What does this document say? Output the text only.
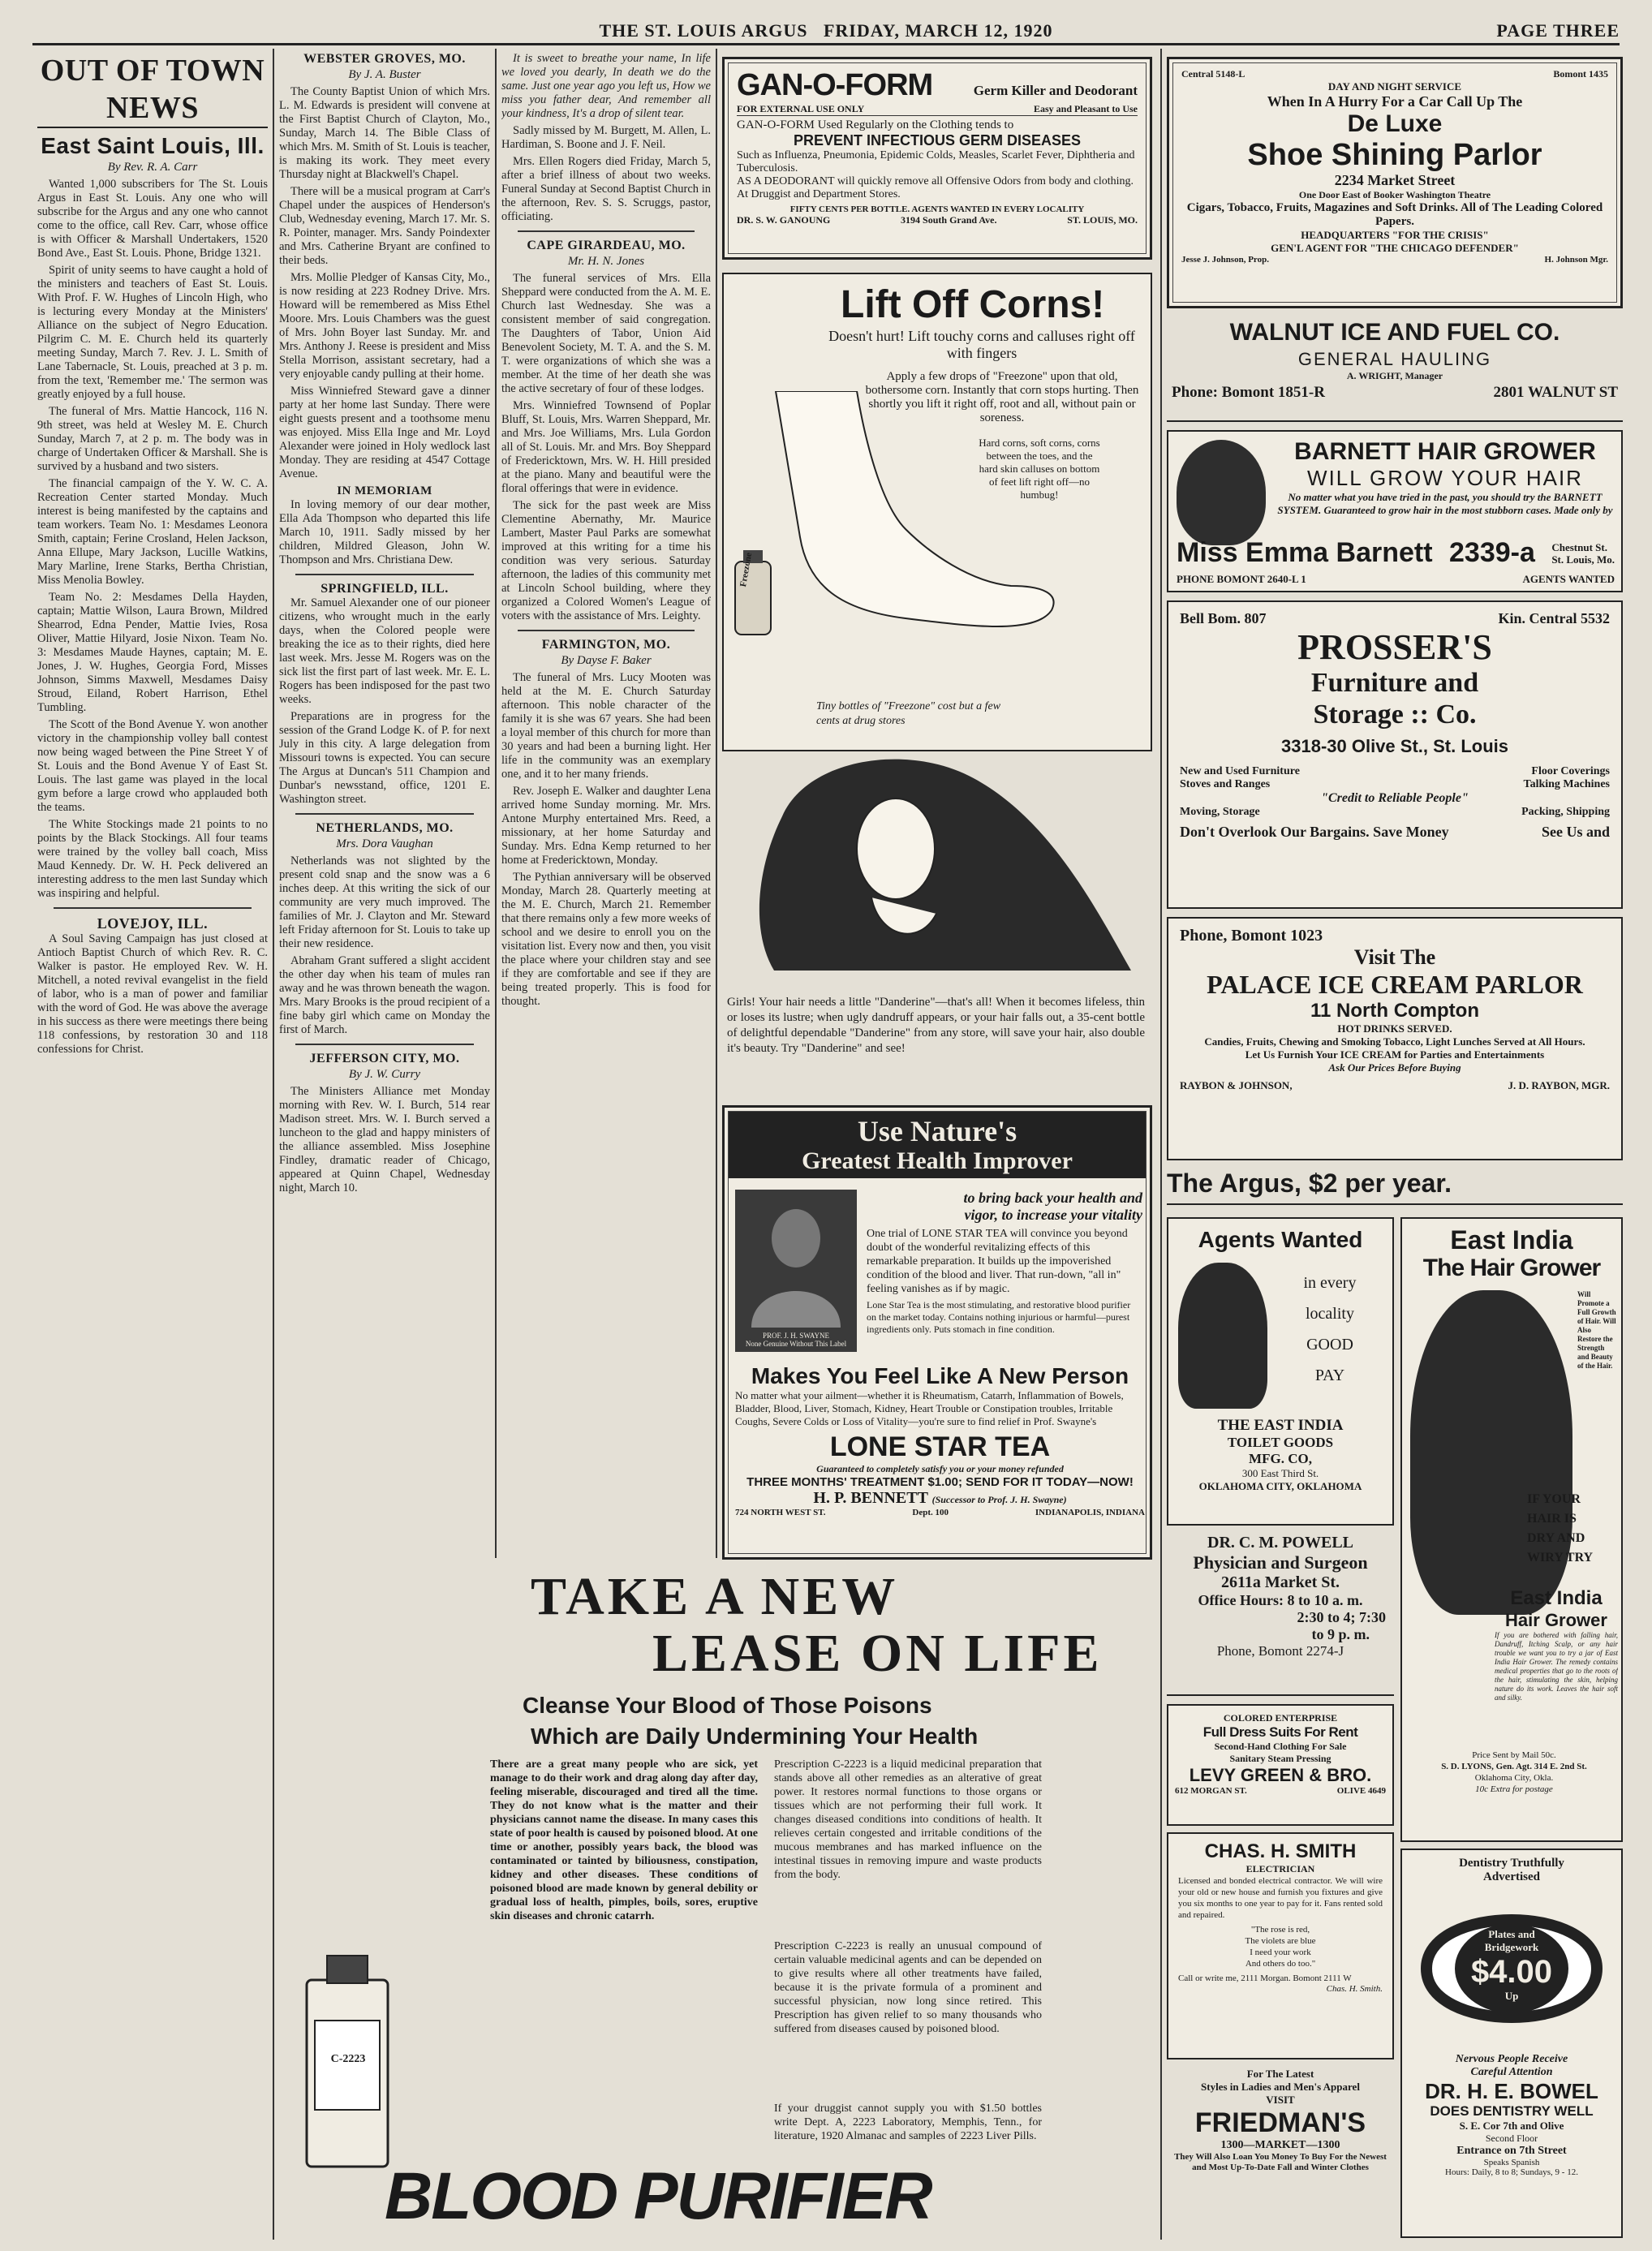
THE ST. LOUIS ARGUS FRIDAY, MARCH 12, 1920	PAGE THREE
OUT OF TOWN NEWS
East Saint Louis, Ill.
By Rev. R. A. Carr

Wanted 1,000 subscribers for The St. Louis Argus in East St. Louis. Any one who will subscribe for the Argus and any one who cannot come to the office, call Rev. Carr, whose office is with Officer & Marshall Undertakers, 1520 Bond Ave., East St. Louis. Phone, Bridge 1321.

Spirit of unity seems to have caught a hold of the ministers and teachers of East St. Louis. With Prof. F. W. Hughes of Lincoln High, who is lecturing every Monday at the Ministers' Alliance on the subject of Negro Education. Pilgrim C. M. E. Church held its quarterly meeting Sunday, March 7. Rev. J. L. Smith of Lane Tabernacle, St. Louis, preached at 3 p. m. from the text, 'Remember me.' The sermon was greatly enjoyed by a full house.

The funeral of Mrs. Mattie Hancock, 116 N. 9th street, was held at Wesley M. E. Church Sunday, March 7, at 2 p. m. The body was in charge of Undertaken Officer & Marshall. She is survived by a husband and two sisters.

The financial campaign of the Y. W. C. A. Recreation Center started Monday. Much interest is being manifested by the captains and team workers. Team No. 1: Mesdames Leonora Smith, captain; Ferine Crosland, Helen Jackson, Anna Ellupe, Mary Jackson, Lucille Watkins, Mary Marline, Irene Starks, Bertha Christian, Miss Menolia Bowley.

Team No. 2: Mesdames Della Hayden, captain; Mattie Wilson, Laura Brown, Mildred Shearrod, Edna Pender, Mattie Ivies, Rosa Oliver, Mattie Hilyard, Josie Nixon. Team No. 3: Mesdames Maude Haynes, captain; M. E. Jones, J. W. Hughes, Georgia Ford, Misses Johnson, Simms Maxwell, Mesdames Daisy Stroud, Eiland, Robert Harrison, Ethel Tumbling.

The Scott of the Bond Avenue Y. won another victory in the championship volley ball contest now being waged between the Pine Street Y of St. Louis and the Bond Avenue Y of East St. Louis. The last game was played in the local gym before a large crowd who applauded both the teams.

The White Stockings made 21 points to no points by the Black Stockings. All four teams were trained by the volley ball coach, Miss Maud Kennedy. Dr. W. H. Peck delivered an interesting address to the men last Sunday which was inspiring and helpful.

LOVEJOY, ILL.

A Soul Saving Campaign has just closed at Antioch Baptist Church of which Rev. R. C. Walker is pastor. He employed Rev. W. H. Mitchell, a noted revival evangelist in the field of labor, who is a man of power and familiar with the word of God. He was above the average in his success as there were meetings there being 118 confessions, by restoration 30 and 118 confessions for Christ.

WEBSTER GROVES, MO.
By J. A. Buster

The County Baptist Union of which Mrs. L. M. Edwards is president will convene at the First Baptist Church of Clayton, Mo., Sunday, March 14. The Bible Class of which Mrs. M. Smith of St. Louis is teacher, is making its work. They meet every Thursday night at Blackwell's Chapel.

There will be a musical program at Carr's Chapel under the auspices of Henderson's Club, Wednesday evening, March 17. Mr. S. R. Pointer, manager. Mrs. Sandy Poindexter and Mrs. Catherine Bryant are confined to their beds.

Mrs. Mollie Pledger of Kansas City, Mo., is now residing at 223 Rodney Drive. Mrs. Howard will be remembered as Miss Ethel Moore. Mrs. Louis Chambers was the guest of Mrs. John Boyer last Sunday. Mr. and Mrs. Anthony J. Reese is president and Miss Stella Morrison, assistant secretary, had a very enjoyable candy pulling at their home.

Miss Winniefred Steward gave a dinner party at her home last Sunday. There were eight guests present and a toothsome menu was enjoyed. Miss Ella Inge and Mr. Loyd Alexander were joined in Holy wedlock last Monday. They are residing at 4547 Cottage Avenue.

IN MEMORIAM

In loving memory of our dear mother, Ella Ada Thompson who departed this life March 10, 1911. Sadly missed by her children, Mildred Gleason, John W. Thompson and Mrs. Christiana Dew.

SPRINGFIELD, ILL.

Mr. Samuel Alexander one of our pioneer citizens, who wrought much in the early days, when the Colored people were breaking the ice as to their rights, died here last week. Mrs. Jesse M. Rogers was on the sick list the first part of last week. Mr. E. L. Rogers has been indisposed for the past two weeks.

Preparations are in progress for the session of the Grand Lodge K. of P. for next July in this city. A large delegation from Missouri towns is expected. You can secure The Argus at Duncan's 511 Champion and Dunbar's newsstand, office, 1201 E. Washington street.

NETHERLANDS, MO.
Mrs. Dora Vaughan

Netherlands was not slighted by the present cold snap and the snow was a 6 inches deep. At this writing the sick of our community are very much improved. The families of Mr. J. Clayton and Mr. Steward left Friday afternoon for St. Louis to take up their new residence.

Abraham Grant suffered a slight accident the other day when his team of mules ran away and he was thrown beneath the wagon. Mrs. Mary Brooks is the proud recipient of a fine baby girl which came on Monday the first of March.

JEFFERSON CITY, MO.
By J. W. Curry

The Ministers Alliance met Monday morning with Rev. W. I. Burch, 514 rear Madison street. Mrs. W. I. Burch served a luncheon to the glad and happy ministers of the alliance assembled. Miss Josephine Findley, dramatic reader of Chicago, appeared at Quinn Chapel, Wednesday night, March 10.

It is sweet to breathe your name, In life we loved you dearly, In death we do the same. Just one year ago you left us, How we miss you father dear, And remember all your kindness, It's a drop of silent tear.

Sadly missed by M. Burgett, M. Allen, L. Hardiman, S. Boone and J. F. Neil.

Mrs. Ellen Rogers died Friday, March 5, after a brief illness of about two weeks. Funeral Sunday at Second Baptist Church in the afternoon, Rev. S. S. Scruggs, pastor, officiating.

CAPE GIRARDEAU, MO.
Mr. H. N. Jones

The funeral services of Mrs. Ella Sheppard were conducted from the A. M. E. Church last Wednesday. She was a consistent member of said congregation. The Daughters of Tabor, Union Aid Benevolent Society, M. T. A. and the S. M. T. were organizations of which she was a member. At the time of her death she was the active secretary of four of these lodges.

Mrs. Winniefred Townsend of Poplar Bluff, St. Louis, Mrs. Warren Sheppard, Mr. and Mrs. Joe Williams, Mrs. Lula Gordon all of St. Louis. Mr. and Mrs. Boy Sheppard of Fredericktown, Mrs. W. H. Hill presided at the piano. Many and beautiful were the floral offerings that were in evidence.

The sick for the past week are Miss Clementine Abernathy, Mr. Maurice Lambert, Master Paul Parks are somewhat improved at this writing for a time his condition was very serious. Saturday afternoon, the ladies of this community met at Lincoln School building, where they organized a Colored Women's League of voters with the assistance of Mrs. Leighty.

FARMINGTON, MO.
By Dayse F. Baker

The funeral of Mrs. Lucy Mooten was held at the M. E. Church Saturday afternoon. This noble character of the family it is she was 67 years. She had been a loyal member of this church for more than 30 years and had been a burning light. Her life in the community was an exemplary one, and it to her many friends.

Rev. Joseph E. Walker and daughter Lena arrived home Sunday morning. Mr. Mrs. Antone Murphy entertained Mrs. Reed, a missionary, at her home Saturday and Sunday. Mrs. Edna Kemp returned to her home at Fredericktown, Monday.

The Pythian anniversary will be observed Monday, March 28. Quarterly meeting at the M. E. Church, March 21. Remember that there remains only a few more weeks of school and we desire to enroll you on the visitation list. Every now and then, you visit the place where your children stay and see if they are comfortable and see if they are being treated properly. This is food for thought.

GAN-O-FORM	Germ Killer and Deodorant
FOR EXTERNAL USE ONLY	Easy and Pleasant to Use
GAN-O-FORM Used Regularly on the Clothing tends to
PREVENT INFECTIOUS GERM DISEASES
Such as Influenza, Pneumonia, Epidemic Colds, Measles, Scarlet Fever, Diphtheria and Tuberculosis.
AS A DEODORANT will quickly remove all Offensive Odors from body and clothing. At Druggist and Department Stores.
FIFTY CENTS PER BOTTLE. AGENTS WANTED IN EVERY LOCALITY
DR. S. W. GANOUNG	3194 South Grand Ave.	ST. LOUIS, MO.
Lift Off Corns!
Doesn't hurt! Lift touchy corns and calluses right off with fingers
Apply a few drops of "Freezone" upon that old, bothersome corn. Instantly that corn stops hurting. Then shortly you lift it right off, root and all, without pain or soreness.
Hard corns, soft corns, corns between the toes, and the hard skin calluses on bottom of feet lift right off—no humbug!
Freezone
Tiny bottles of "Freezone" cost but a few cents at drug stores
Girls! Your hair needs a little "Danderine"—that's all! When it becomes lifeless, thin or loses its lustre; when ugly dandruff appears, or your hair falls out, a 35-cent bottle of delightful dependable "Danderine" from any store, will save your hair, also double it's beauty. Try "Danderine" and see!
Use Nature's
Greatest Health Improver
PROF. J. H. SWAYNE
None Genuine Without This Label
to bring back your health and
vigor, to increase your vitality
One trial of LONE STAR TEA will convince you beyond doubt of the wonderful revitalizing effects of this remarkable preparation. It builds up the impoverished condition of the blood and liver. That run-down, "all in" feeling vanishes as if by magic.
Lone Star Tea is the most stimulating, and restorative blood purifier on the market today. Contains nothing injurious or harmful—purest ingredients only. Puts stomach in fine condition.
Makes You Feel Like A New Person
No matter what your ailment—whether it is Rheumatism, Catarrh, Inflammation of Bowels, Bladder, Blood, Liver, Stomach, Kidney, Heart Trouble or Constipation troubles, Irritable Coughs, Severe Colds or Loss of Vitality—you're sure to find relief in Prof. Swayne's
LONE STAR TEA
Guaranteed to completely satisfy you or your money refunded
THREE MONTHS' TREATMENT $1.00; SEND FOR IT TODAY—NOW!
H. P. BENNETT (Successor to Prof. J. H. Swayne)
724 NORTH WEST ST.	Dept. 100	INDIANAPOLIS, INDIANA
TAKE A NEW
LEASE ON LIFE
Cleanse Your Blood of Those Poisons
Which are Daily Undermining Your Health
There are a great many people who are sick, yet manage to do their work and drag along day after day, feeling miserable, discouraged and tired all the time. They do not know what is the matter and their physicians cannot name the disease. In many cases this state of poor health is caused by poisoned blood. At one time or another, possibly years back, the blood was contaminated or tainted by biliousness, constipation, kidney and other diseases. These conditions of poisoned blood are made known by general debility or gradual loss of health, pimples, boils, sores, eruptive skin diseases and chronic catarrh.
Prescription C-2223 is a liquid medicinal preparation that stands above all other remedies as an alterative of great power. It restores normal functions to those organs or tissues which are not performing their full work. It changes diseased conditions into conditions of health. It relieves certain congested and irritable conditions of the mucous membranes and has marked influence on the intestinal tissues in removing impure and waste products from the body.
Prescription C-2223 is really an unusual compound of certain valuable medicinal agents and can be depended on to give results where all other treatments have failed, because it is the private formula of a prominent and successful physician, now long since retired. This Prescription has given relief to so many thousands who suffered from diseases caused by poisoned blood.
If your druggist cannot supply you with $1.50 bottles write Dept. A, 2223 Laboratory, Memphis, Tenn., for literature, 1920 Almanac and samples of 2223 Liver Pills.
C-2223
BLOOD PURIFIER
Central 5148-L	Bomont 1435
DAY AND NIGHT SERVICE
When In A Hurry For a Car Call Up The
De Luxe
Shoe Shining Parlor
2234 Market Street
One Door East of Booker Washington Theatre
Cigars, Tobacco, Fruits, Magazines and Soft Drinks. All of The Leading Colored Papers.
HEADQUARTERS "FOR THE CRISIS"
GEN'L AGENT FOR "THE CHICAGO DEFENDER"
Jesse J. Johnson, Prop.	H. Johnson Mgr.
WALNUT ICE AND FUEL CO.
GENERAL HAULING
A. WRIGHT, Manager
Phone: Bomont 1851-R	2801 WALNUT ST
BARNETT HAIR GROWER
WILL GROW YOUR HAIR
No matter what you have tried in the past, you should try the BARNETT SYSTEM. Guaranteed to grow hair in the most stubborn cases. Made only by
Miss Emma Barnett 2339-a Chestnut St.
St. Louis, Mo.
PHONE BOMONT 2640-L 1	AGENTS WANTED
Bell Bom. 807	Kin. Central 5532
PROSSER'S
Furniture and
Storage :: Co.
3318-30 Olive St., St. Louis
New and Used Furniture	Floor Coverings
Stoves and Ranges	Talking Machines
"Credit to Reliable People"
Moving, Storage	Packing, Shipping
Don't Overlook Our Bargains. Save Money	See Us and
Phone, Bomont 1023
Visit The
PALACE ICE CREAM PARLOR
11 North Compton
HOT DRINKS SERVED.
Candies, Fruits, Chewing and Smoking Tobacco, Light Lunches Served at All Hours.
Let Us Furnish Your ICE CREAM for Parties and Entertainments
Ask Our Prices Before Buying
RAYBON & JOHNSON,	J. D. RAYBON, MGR.
The Argus, $2 per year.
Agents Wanted
in every
locality
GOOD
PAY
THE EAST INDIA
TOILET GOODS
MFG. CO,
300 East Third St.
OKLAHOMA CITY, OKLAHOMA
East India
The Hair Grower
Will Promote a Full Growth of Hair. Will Also Restore the Strength and Beauty of the Hair.
IF YOUR
HAIR IS
DRY AND
WIRY TRY
East India
Hair Grower
If you are bothered with falling hair, Dandruff, Itching Scalp, or any hair trouble we want you to try a jar of East India Hair Grower. The remedy contains medical properties that go to the roots of the hair, stimulating the skin, helping nature do its work. Leaves the hair soft and silky.
Price Sent by Mail 50c.
S. D. LYONS, Gen. Agt. 314 E. 2nd St.
Oklahoma City, Okla.
10c Extra for postage
DR. C. M. POWELL
Physician and Surgeon
2611a Market St.
Office Hours: 8 to 10 a. m.
2:30 to 4; 7:30
to 9 p. m.
Phone, Bomont 2274-J
COLORED ENTERPRISE
Full Dress Suits For Rent
Second-Hand Clothing For Sale
Sanitary Steam Pressing
LEVY GREEN & BRO.
612 MORGAN ST.	OLIVE 4649
CHAS. H. SMITH
ELECTRICIAN
Licensed and bonded electrical contractor. We will wire your old or new house and furnish you fixtures and give you six months to one year to pay for it. Fans rented sold and repaired.
"The rose is red,
The violets are blue
I need your work
And others do too."
Call or write me, 2111 Morgan. Bomont 2111 W
Chas. H. Smith.
For The Latest
Styles in Ladies and Men's Apparel
VISIT
FRIEDMAN'S
1300—MARKET—1300
They Will Also Loan You Money To Buy For the Newest and Most Up-To-Date Fall and Winter Clothes
Dentistry Truthfully
Advertised
Plates and
Bridgework
$4.00
Up
Nervous People Receive
Careful Attention
DR. H. E. BOWEL
DOES DENTISTRY WELL
S. E. Cor 7th and Olive
Second Floor
Entrance on 7th Street
Speaks Spanish
Hours: Daily, 8 to 8; Sundays, 9 - 12.
